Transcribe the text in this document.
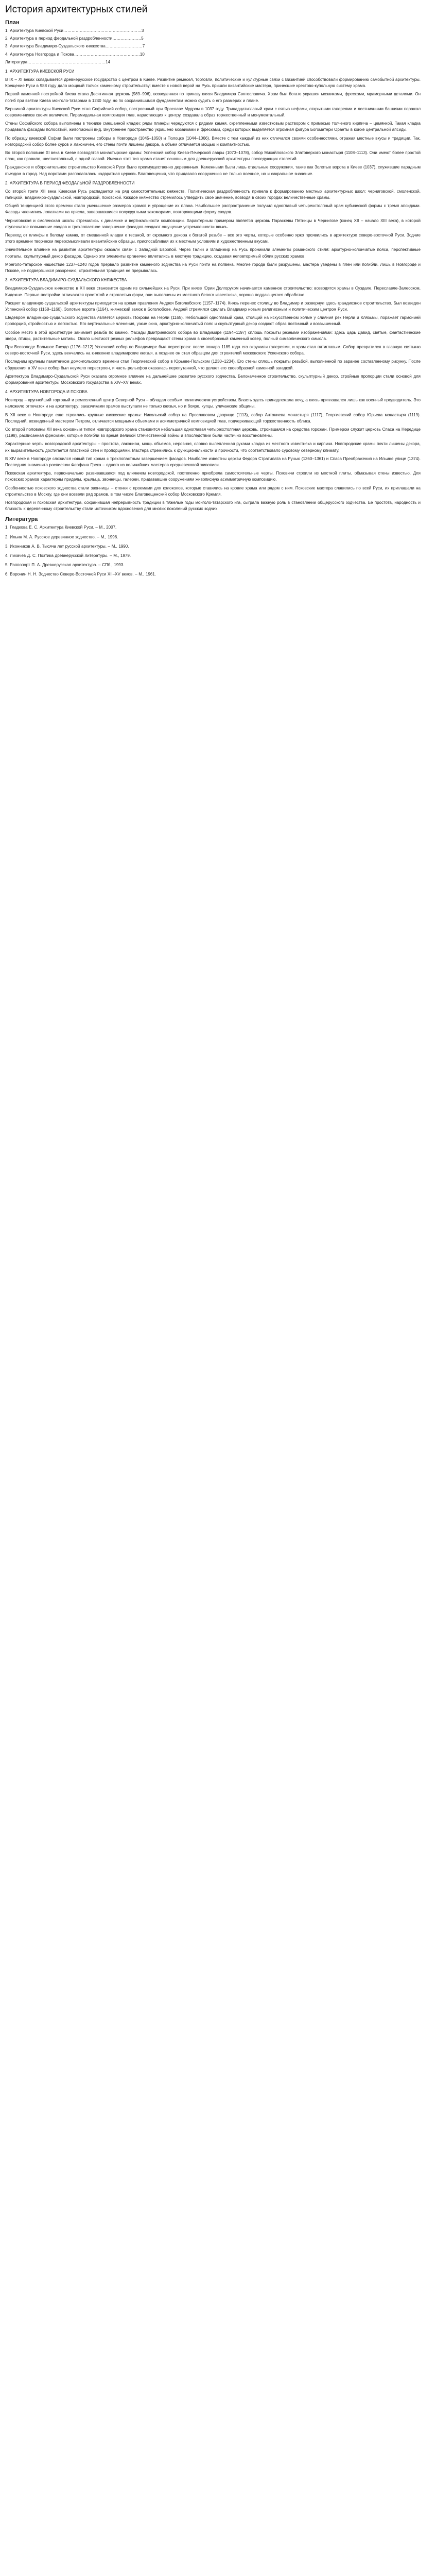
История архитектурных стилей
План
1. Архитектура Киевской Руси…………………………………………………3
2. Архитектура в период феодальной раздробленности…………………5
3. Архитектура Владимиро-Суздальского княжества………………………7
4. Архитектура Новгорода и Пскова…………………………………………10
Литература…………………………………………………14
1. АРХИТЕКТУРА КИЕВСКОЙ РУСИ

В IX – XI веках складывается древнерусское государство с центром в Киеве. Развитие ремесел, торговли, политические и культурные связи с Византией способствовали формированию самобытной архитектуры. Крещение Руси в 988 году дало мощный толчок каменному строительству: вместе с новой верой на Русь пришли византийские мастера, принесшие крестово-купольную систему храма.

Первой каменной постройкой Киева стала Десятинная церковь (989–996), возведенная по приказу князя Владимира Святославича. Храм был богато украшен мозаиками, фресками, мраморными деталями. Он погиб при взятии Киева монголо-татарами в 1240 году, но по сохранившимся фундаментам можно судить о его размерах и плане.

Вершиной архитектуры Киевской Руси стал Софийский собор, построенный при Ярославе Мудром в 1037 году. Тринадцатиглавый храм с пятью нефами, открытыми галереями и лестничными башнями поражал современников своим величием. Пирамидальная композиция глав, нарастающих к центру, создавала образ торжественный и монументальный.

Стены Софийского собора выполнены в технике смешанной кладки: ряды плинфы чередуются с рядами камня, скрепленными известковым раствором с примесью толченого кирпича – цемянкой. Такая кладка придавала фасадам полосатый, живописный вид. Внутреннее пространство украшено мозаиками и фресками, среди которых выделяется огромная фигура Богоматери Оранты в конхе центральной апсиды.

По образцу киевской Софии были построены соборы в Новгороде (1045–1050) и Полоцке (1044–1066). Вместе с тем каждый из них отличался своими особенностями, отражая местные вкусы и традиции. Так, новгородский собор более суров и лаконичен, его стены почти лишены декора, а объем отличается мощью и компактностью.

Во второй половине XI века в Киеве возводятся монастырские храмы: Успенский собор Киево-Печерской лавры (1073–1078), собор Михайловского Златоверхого монастыря (1108–1113). Они имеют более простой план, как правило, шестистолпный, с одной главой. Именно этот тип храма станет основным для древнерусской архитектуры последующих столетий.

Гражданское и оборонительное строительство Киевской Руси было преимущественно деревянным. Каменными были лишь отдельные сооружения, такие как Золотые ворота в Киеве (1037), служившие парадным въездом в город. Над воротами располагалась надвратная церковь Благовещения, что придавало сооружению не только военное, но и сакральное значение.

2. АРХИТЕКТУРА В ПЕРИОД ФЕОДАЛЬНОЙ РАЗДРОБЛЕННОСТИ

Со второй трети XII века Киевская Русь распадается на ряд самостоятельных княжеств. Политическая раздробленность привела к формированию местных архитектурных школ: черниговской, смоленской, галицкой, владимиро-суздальской, новгородской, псковской. Каждое княжество стремилось утвердить свое значение, возводя в своих городах величественные храмы.

Общей тенденцией этого времени стало уменьшение размеров храмов и упрощение их плана. Наибольшее распространение получил одноглавый четырехстолпный храм кубической формы с тремя апсидами. Фасады членились лопатками на прясла, завершавшиеся полукруглыми закомарами, повторяющими форму сводов.

Черниговская и смоленская школы стремились к динамике и вертикальности композиции. Характерным примером является церковь Параскевы Пятницы в Чернигове (конец XII – начало XIII века), в которой ступенчатое повышение сводов и трехлопастное завершение фасадов создают ощущение устремленности ввысь.

Переход от плинфы к белому камню, от смешанной кладки к тесаной, от скромного декора к богатой резьбе – все это черты, которые особенно ярко проявились в архитектуре северо-восточной Руси. Зодчие этого времени творчески переосмысливали византийские образцы, приспосабливая их к местным условиям и художественным вкусам.

Значительное влияние на развитие архитектуры оказали связи с Западной Европой. Через Галич и Владимир на Русь проникали элементы романского стиля: аркатурно-колончатые пояса, перспективные порталы, скульптурный декор фасадов. Однако эти элементы органично вплетались в местную традицию, создавая неповторимый облик русских храмов.

Монголо-татарское нашествие 1237–1240 годов прервало развитие каменного зодчества на Руси почти на полвека. Многие города были разрушены, мастера уведены в плен или погибли. Лишь в Новгороде и Пскове, не подвергшихся разорению, строительная традиция не прерывалась.

3. АРХИТЕКТУРА ВЛАДИМИРО-СУЗДАЛЬСКОГО КНЯЖЕСТВА

Владимиро-Суздальское княжество в XII веке становится одним из сильнейших на Руси. При князе Юрии Долгоруком начинается каменное строительство: возводятся храмы в Суздале, Переславле-Залесском, Кидекше. Первые постройки отличаются простотой и строгостью форм, они выполнены из местного белого известняка, хорошо поддающегося обработке.

Расцвет владимиро-суздальской архитектуры приходится на время правления Андрея Боголюбского (1157–1174). Князь перенес столицу во Владимир и развернул здесь грандиозное строительство. Был возведен Успенский собор (1158–1160), Золотые ворота (1164), княжеский замок в Боголюбове. Андрей стремился сделать Владимир новым религиозным и политическим центром Руси.

Шедевром владимиро-суздальского зодчества является церковь Покрова на Нерли (1165). Небольшой одноглавый храм, стоящий на искусственном холме у слияния рек Нерли и Клязьмы, поражает гармонией пропорций, стройностью и легкостью. Его вертикальные членения, узкие окна, аркатурно-колончатый пояс и скульптурный декор создают образ поэтичный и возвышенный.

Особое место в этой архитектуре занимает резьба по камню. Фасады Дмитриевского собора во Владимире (1194–1197) сплошь покрыты резными изображениями: здесь царь Давид, святые, фантастические звери, птицы, растительные мотивы. Около шестисот резных рельефов превращают стены храма в своеобразный каменный ковер, полный символического смысла.

При Всеволоде Большое Гнездо (1176–1212) Успенский собор во Владимире был перестроен: после пожара 1185 года его окружили галереями, и храм стал пятиглавым. Собор превратился в главную святыню северо-восточной Руси, здесь венчались на княжение владимирские князья, а позднее он стал образцом для строителей московского Успенского собора.

Последним крупным памятником домонгольского времени стал Георгиевский собор в Юрьеве-Польском (1230–1234). Его стены сплошь покрыты резьбой, выполненной по заранее составленному рисунку. После обрушения в XV веке собор был неумело перестроен, и часть рельефов оказалась перепутанной, что делает его своеобразной каменной загадкой.

Архитектура Владимиро-Суздальской Руси оказала огромное влияние на дальнейшее развитие русского зодчества. Белокаменное строительство, скульптурный декор, стройные пропорции стали основой для формирования архитектуры Московского государства в XIV–XV веках.

4. АРХИТЕКТУРА НОВГОРОДА И ПСКОВА

Новгород – крупнейший торговый и ремесленный центр Северной Руси – обладал особым политическим устройством. Власть здесь принадлежала вечу, а князь приглашался лишь как военный предводитель. Это наложило отпечаток и на архитектуру: заказчиками храмов выступали не только князья, но и бояре, купцы, уличанские общины.

В XII веке в Новгороде еще строились крупные княжеские храмы: Никольский собор на Ярославовом дворище (1113), собор Антониева монастыря (1117), Георгиевский собор Юрьева монастыря (1119). Последний, возведенный мастером Петром, отличается мощными объемами и асимметричной композицией глав, подчеркивающей торжественность облика.

Со второй половины XII века основным типом новгородского храма становится небольшая одноглавая четырехстолпная церковь, строившаяся на средства горожан. Примером служит церковь Спаса на Нередице (1198), расписанная фресками, которые погибли во время Великой Отечественной войны и впоследствии были частично восстановлены.

Характерные черты новгородской архитектуры – простота, лаконизм, мощь объемов, неровная, словно вылепленная руками кладка из местного известняка и кирпича. Новгородские храмы почти лишены декора, их выразительность достигается пластикой стен и пропорциями. Мастера стремились к функциональности и прочности, что соответствовало суровому северному климату.

В XIV веке в Новгороде сложился новый тип храма с трехлопастным завершением фасадов. Наиболее известны церкви Федора Стратилата на Ручью (1360–1361) и Спаса Преображения на Ильине улице (1374). Последняя знаменита росписями Феофана Грека – одного из величайших мастеров средневековой живописи.

Псковская архитектура, первоначально развивавшаяся под влиянием новгородской, постепенно приобрела самостоятельные черты. Псковичи строили из местной плиты, обмазывая стены известью. Для псковских храмов характерны приделы, крыльца, звонницы, галереи, придававшие сооружениям живописную асимметричную композицию.

Особенностью псковского зодчества стали звонницы – стенки с проемами для колоколов, которые ставились на кровле храма или рядом с ним. Псковские мастера славились по всей Руси, их приглашали на строительство в Москву, где они возвели ряд храмов, в том числе Благовещенский собор Московского Кремля.

Новгородская и псковская архитектура, сохранившая непрерывность традиции в тяжелые годы монголо-татарского ига, сыграла важную роль в становлении общерусского зодчества. Ее простота, народность и близость к деревянному строительству стали источником вдохновения для многих поколений русских зодчих.

Литература
1. Гладкова Е. С. Архитектура Киевской Руси. – М., 2007.
2. Ильин М. А. Русское деревянное зодчество. – М., 1996.
3. Иконников А. В. Тысяча лет русской архитектуры. – М., 1990.
4. Лихачев Д. С. Поэтика древнерусской литературы. – М., 1979.
5. Раппопорт П. А. Древнерусская архитектура. – СПб., 1993.
6. Воронин Н. Н. Зодчество Северо-Восточной Руси XII–XV веков. – М., 1961.
